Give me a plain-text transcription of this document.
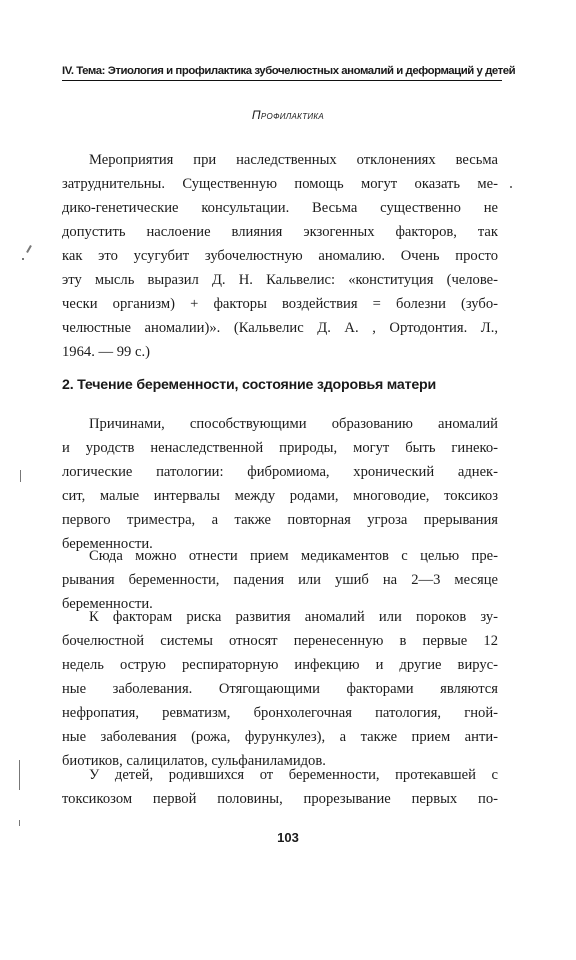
IV. Тема: Этиология и профилактика зубочелюстных аномалий и деформаций у детей
Профилактика
Мероприятия при наследственных отклонениях весьма
затруднительны. Существенную помощь могут оказать ме-
дико-генетические консультации. Весьма существенно не
допустить наслоение влияния экзогенных факторов, так
как это усугубит зубочелюстную аномалию. Очень просто
эту мысль выразил Д. Н. Кальвелис: «конституция (челове-
чески организм) + факторы воздействия = болезни (зубо-
челюстные аномалии)». (Кальвелис Д. А. , Ортодонтия. Л.,
1964. — 99 с.)
2. Течение беременности, состояние здоровья матери
Причинами, способствующими образованию аномалий
и уродств ненаследственной природы, могут быть гинеко-
логические патологии: фибромиома, хронический аднек-
сит, малые интервалы между родами, многоводие, токсикоз
первого триместра, а также повторная угроза прерывания
беременности.
Сюда можно отнести прием медикаментов с целью пре-
рывания беременности, падения или ушиб на 2—3 месяце
беременности.
К факторам риска развития аномалий или пороков зу-
бочелюстной системы относят перенесенную в первые 12
недель острую респираторную инфекцию и другие вирус-
ные заболевания. Отягощающими факторами являются
нефропатия, ревматизм, бронхолегочная патология, гной-
ные заболевания (рожа, фурункулез), а также прием анти-
биотиков, салицилатов, сульфаниламидов.
У детей, родившихся от беременности, протекавшей с
токсикозом первой половины, прорезывание первых по-
103
